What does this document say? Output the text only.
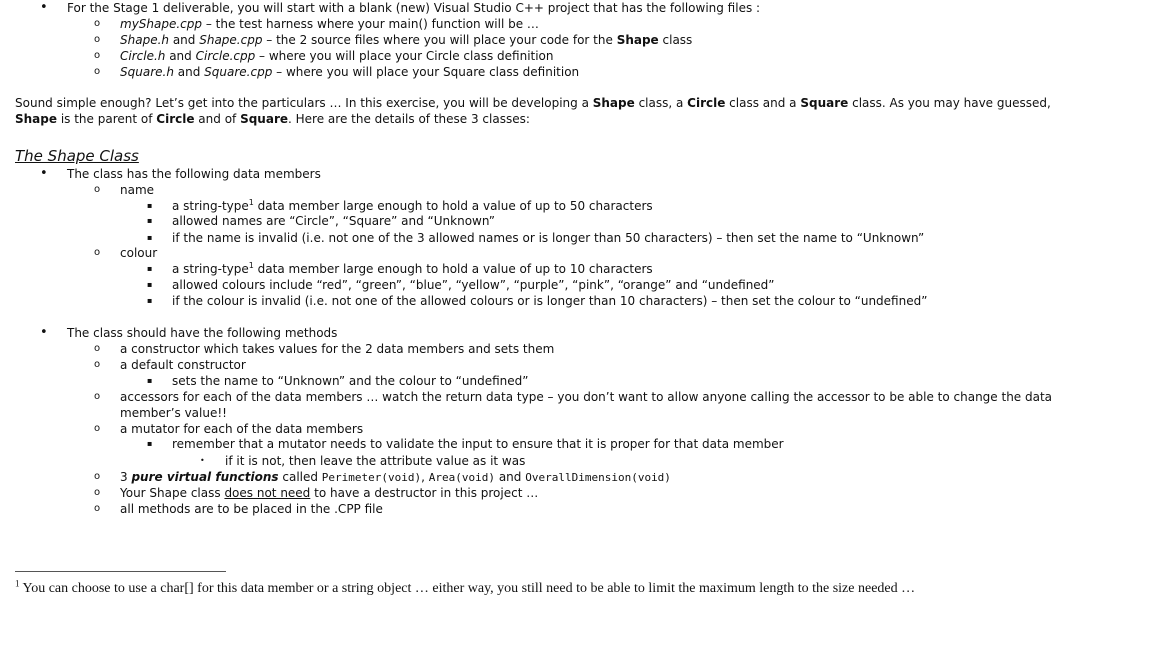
• For the Stage 1 deliverable, you will start with a blank (new) Visual Studio C++ project that has the following files :
o myShape.cpp – the test harness where your main() function will be …
o Shape.h and Shape.cpp – the 2 source files where you will place your code for the Shape class
o Circle.h and Circle.cpp – where you will place your Circle class definition
o Square.h and Square.cpp – where you will place your Square class definition
Sound simple enough? Let’s get into the particulars … In this exercise, you will be developing a Shape class, a Circle class and a Square class. As you may have guessed,
Shape is the parent of Circle and of Square. Here are the details of these 3 classes:
The Shape Class
• The class has the following data members
o name
▪ a string-type$^1$ data member large enough to hold a value of up to 50 characters
▪ allowed names are “Circle”, “Square” and “Unknown”
▪ if the name is invalid (i.e. not one of the 3 allowed names or is longer than 50 characters) – then set the name to “Unknown”
o colour
▪ a string-type$^1$ data member large enough to hold a value of up to 10 characters
▪ allowed colours include “red”, “green”, “blue”, “yellow”, “purple”, “pink”, “orange” and “undefined”
▪ if the colour is invalid (i.e. not one of the allowed colours or is longer than 10 characters) – then set the colour to “undefined”
• The class should have the following methods
o a constructor which takes values for the 2 data members and sets them
o a default constructor
▪ sets the name to “Unknown” and the colour to “undefined”
o accessors for each of the data members … watch the return data type – you don’t want to allow anyone calling the accessor to be able to change the data
member’s value!!
o a mutator for each of the data members
▪ remember that a mutator needs to validate the input to ensure that it is proper for that data member
• if it is not, then leave the attribute value as it was
o 3 pure virtual functions called Perimeter(void), Area(void) and OverallDimension(void)
o Your Shape class does not need to have a destructor in this project …
o all methods are to be placed in the .CPP file
$^1$ You can choose to use a char[] for this data member or a string object … either way, you still need to be able to limit the maximum length to the size needed …
